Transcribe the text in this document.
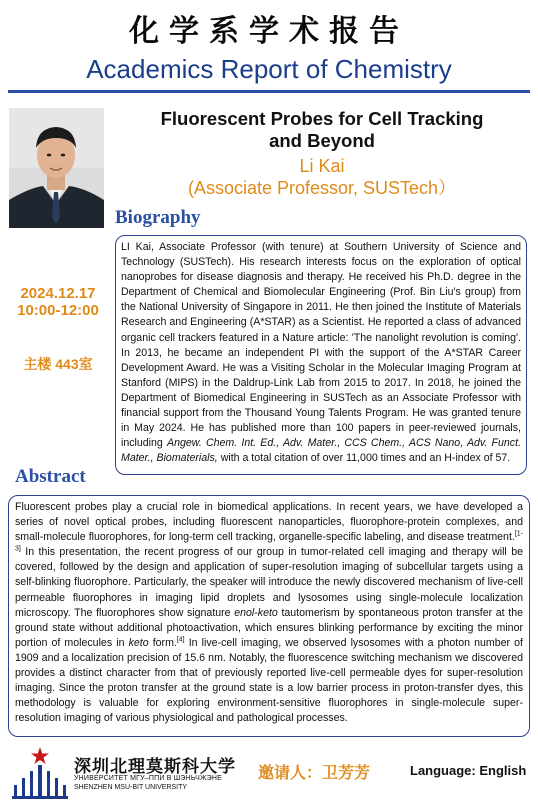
化学系学术报告
Academics Report of Chemistry
Fluorescent Probes for Cell Tracking
and Beyond
Li Kai
(Associate Professor, SUSTech）
Biography
2024.12.17
10:00-12:00
主楼 443室
LI Kai, Associate Professor (with tenure) at Southern University of Science and Technology (SUSTech). His research interests focus on the exploration of optical nanoprobes for disease diagnosis and therapy. He received his Ph.D. degree in the Department of Chemical and Biomolecular Engineering (Prof. Bin Liu's group) from the National University of Singapore in 2011. He then joined the Institute of Materials Research and Engineering (A*STAR) as a Scientist. He reported a class of advanced organic cell trackers featured in a Nature article: 'The nanolight revolution is coming'. In 2013, he became an independent PI with the support of the A*STAR Career Development Award. He was a Visiting Scholar in the Molecular Imaging Program at Stanford (MIPS) in the Daldrup-Link Lab from 2015 to 2017. In 2018, he joined the Department of Biomedical Engineering in SUSTech as an Associate Professor with financial support from the Thousand Young Talents Program. He was granted tenure in May 2024. He has published more than 100 papers in peer-reviewed journals, including Angew. Chem. Int. Ed., Adv. Mater., CCS Chem., ACS Nano, Adv. Funct. Mater., Biomaterials, with a total citation of over 11,000 times and an H-index of 57.
Abstract
Fluorescent probes play a crucial role in biomedical applications. In recent years, we have developed a series of novel optical probes, including fluorescent nanoparticles, fluorophore-protein complexes, and small-molecule fluorophores, for long-term cell tracking, organelle-specific labeling, and disease treatment.[1-3] In this presentation, the recent progress of our group in tumor-related cell imaging and therapy will be covered, followed by the design and application of super-resolution imaging of subcellular targets using a self-blinking fluorophore. Particularly, the speaker will introduce the newly discovered mechanism of live-cell permeable fluorophores in imaging lipid droplets and lysosomes using single-molecule localization microscopy. The fluorophores show signature enol-keto tautomerism by spontaneous proton transfer at the ground state without additional photoactivation, which ensures blinking performance by exciting the minor portion of molecules in keto form.[4] In live-cell imaging, we observed lysosomes with a photon number of 1909 and a localization precision of 15.6 nm. Notably, the fluorescence switching mechanism we discovered provides a distinct character from that of previously reported live-cell permeable dyes for super-resolution imaging. Since the proton transfer at the ground state is a low barrier process in proton-transfer dyes, this methodology is valuable for exploring environment-sensitive fluorophores in single-molecule super-resolution imaging of various physiological and pathological processes.
深圳北理莫斯科大学
УНИВЕРСИТЕТ МГУ–ППИ В ШЭНЬЧЖЭНЕ
SHENZHEN MSU-BIT UNIVERSITY
邀请人：卫芳芳	Language: English
